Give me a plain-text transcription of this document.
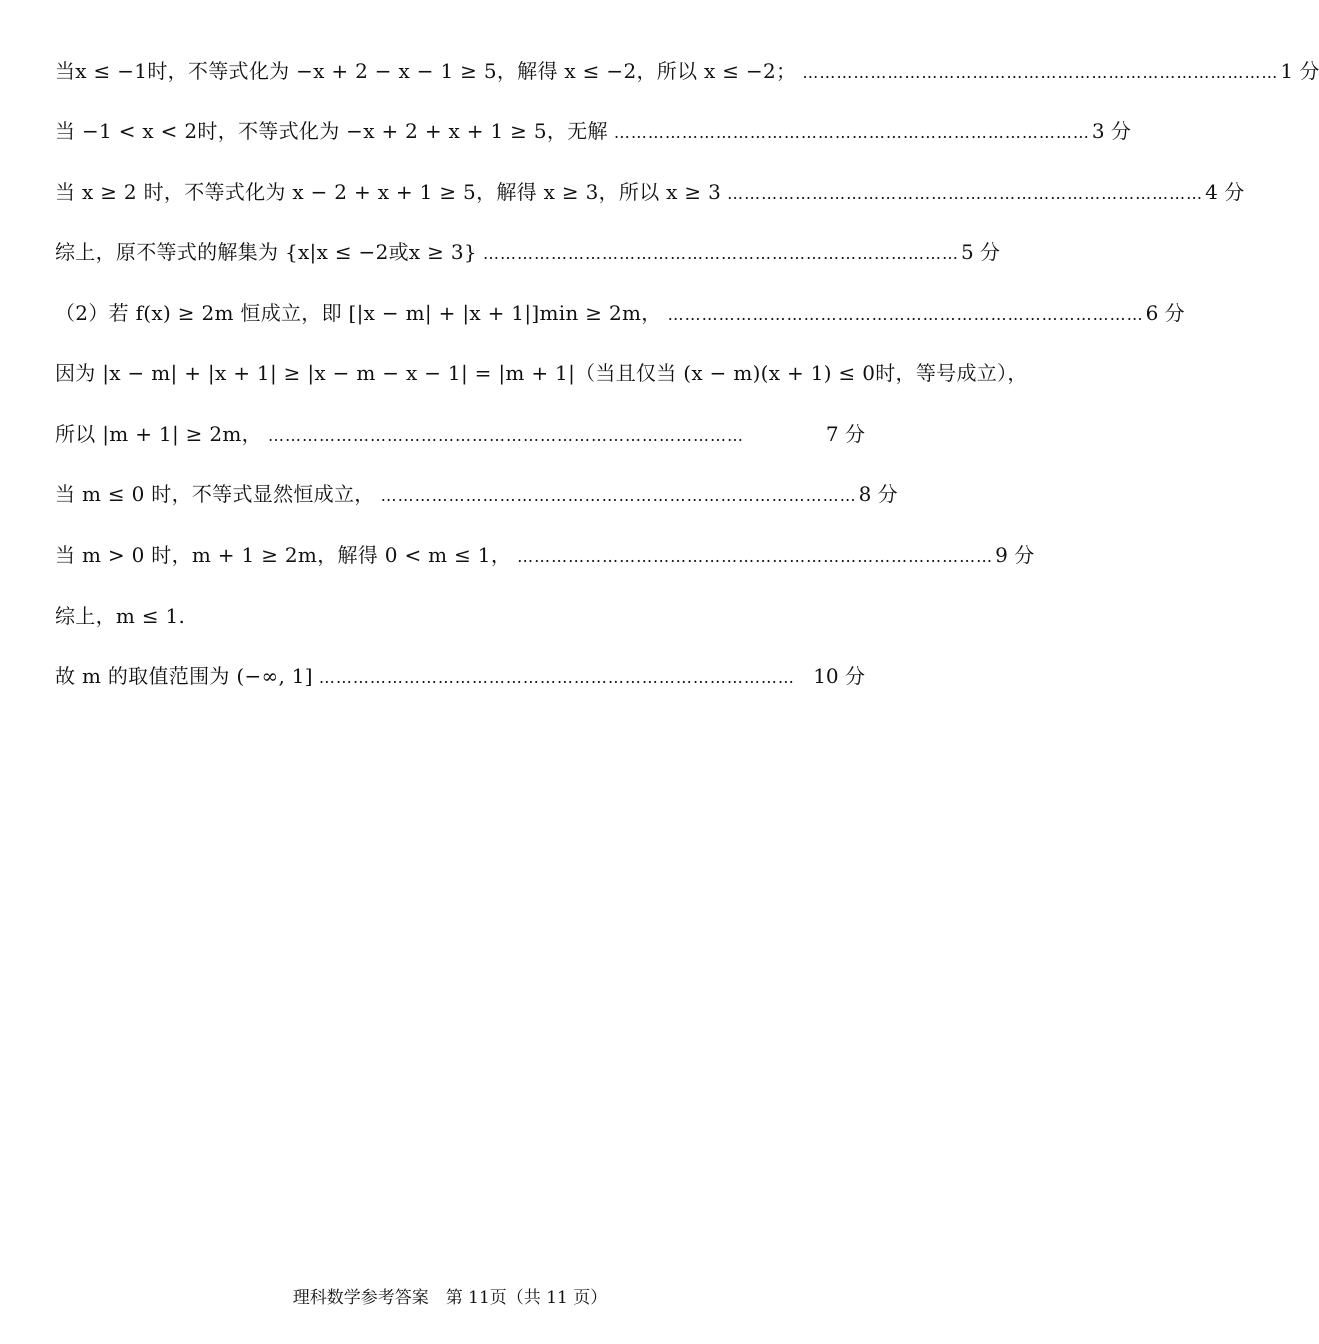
当x ≤ −1时，不等式化为 −x + 2 − x − 1 ≥ 5，解得 x ≤ −2，所以 x ≤ −2； ………………………………………………………………………… 1 分
当 −1 < x < 2时，不等式化为 −x + 2 + x + 1 ≥ 5，无解 ………………………………………………………………………… 3 分
当 x ≥ 2 时，不等式化为 x − 2 + x + 1 ≥ 5，解得 x ≥ 3，所以 x ≥ 3 ………………………………………………………………………… 4 分
综上，原不等式的解集为 {x|x ≤ −2或x ≥ 3} ………………………………………………………………………… 5 分
（2）若 f(x) ≥ 2m 恒成立，即 [|x − m| + |x + 1|]min ≥ 2m， ………………………………………………………………………… 6 分
因为 |x − m| + |x + 1| ≥ |x − m − x − 1| = |m + 1|（当且仅当 (x − m)(x + 1) ≤ 0时，等号成立），
所以 |m + 1| ≥ 2m， …………………………………………………………………………	7 分
当 m ≤ 0 时，不等式显然恒成立， ………………………………………………………………………… 8 分
当 m > 0 时，m + 1 ≥ 2m，解得 0 < m ≤ 1， ………………………………………………………………………… 9 分
综上，m ≤ 1.
故 m 的取值范围为 (−∞, 1] ………………………………………………………………………… 10 分
理科数学参考答案　第 11页（共 11 页）
